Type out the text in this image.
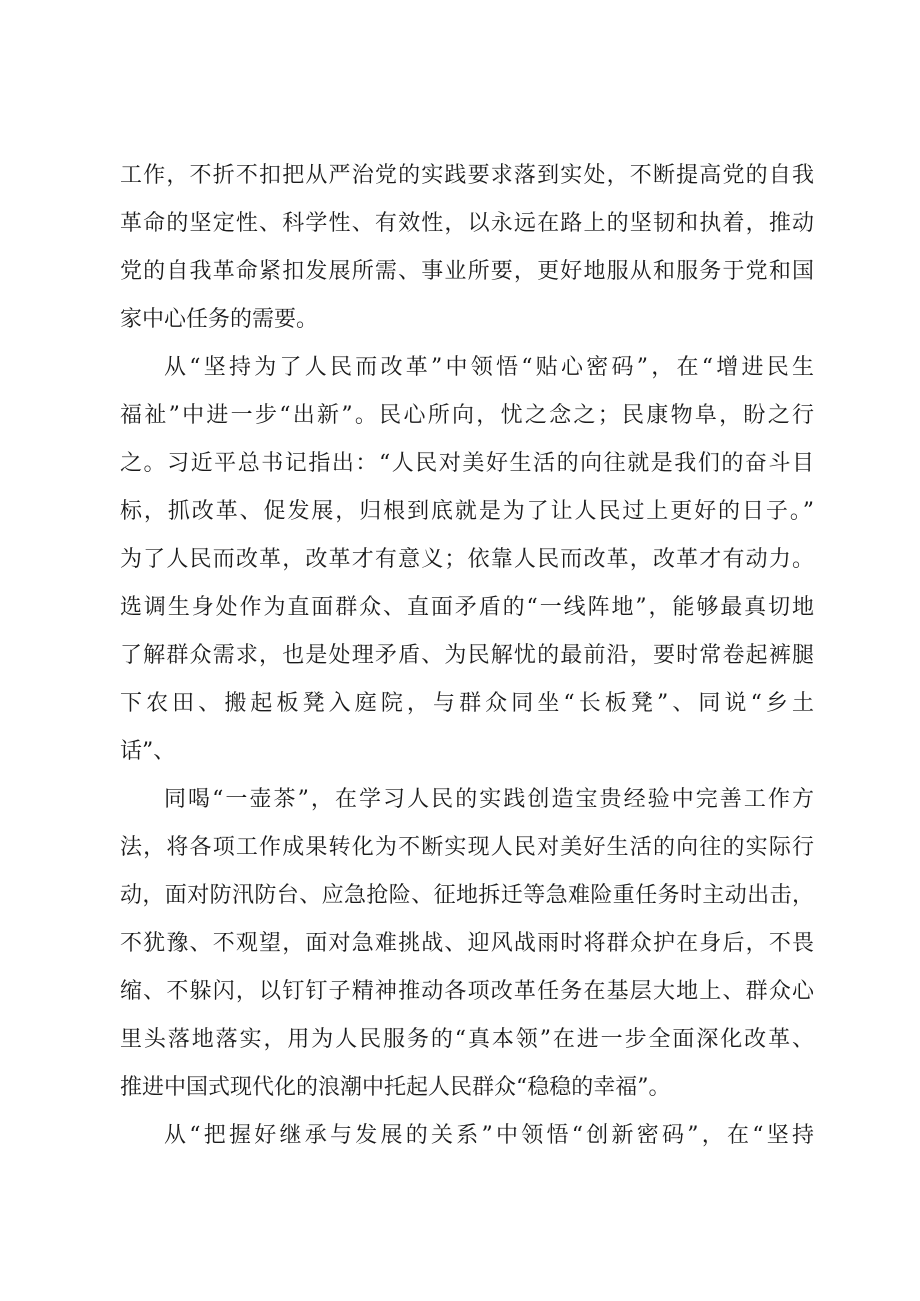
工作，不折不扣把从严治党的实践要求落到实处，不断提高党的自我
革命的坚定性、科学性、有效性，以永远在路上的坚韧和执着，推动
党的自我革命紧扣发展所需、事业所要，更好地服从和服务于党和国
家中心任务的需要。
从“坚持为了人民而改革”中领悟“贴心密码”，在“增进民生
福祉”中进一步“出新”。民心所向，忧之念之；民康物阜，盼之行
之。习近平总书记指出：“人民对美好生活的向往就是我们的奋斗目
标，抓改革、促发展，归根到底就是为了让人民过上更好的日子。”
为了人民而改革，改革才有意义；依靠人民而改革，改革才有动力。
选调生身处作为直面群众、直面矛盾的“一线阵地”，能够最真切地
了解群众需求，也是处理矛盾、为民解忧的最前沿，要时常卷起裤腿
下农田、搬起板凳入庭院，与群众同坐“长板凳”、同说“乡土
话”、
同喝“一壶茶”，在学习人民的实践创造宝贵经验中完善工作方
法，将各项工作成果转化为不断实现人民对美好生活的向往的实际行
动，面对防汛防台、应急抢险、征地拆迁等急难险重任务时主动出击，
不犹豫、不观望，面对急难挑战、迎风战雨时将群众护在身后，不畏
缩、不躲闪，以钉钉子精神推动各项改革任务在基层大地上、群众心
里头落地落实，用为人民服务的“真本领”在进一步全面深化改革、
推进中国式现代化的浪潮中托起人民群众“稳稳的幸福”。
从“把握好继承与发展的关系”中领悟“创新密码”，在“坚持
